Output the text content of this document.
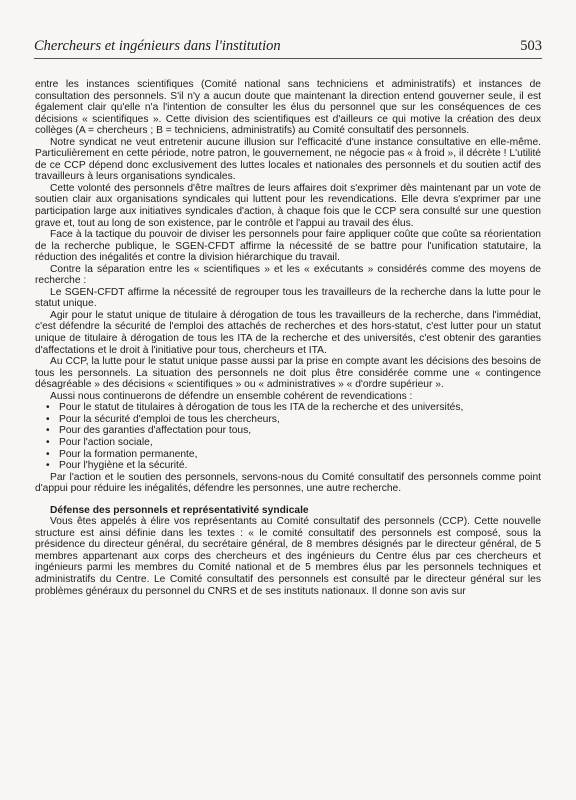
Chercheurs et ingénieurs dans l'institution	503

entre les instances scientifiques (Comité national sans techniciens et administratifs) et instances de consultation des personnels. S'il n'y a aucun doute que maintenant la direction entend gouverner seule, il est également clair qu'elle n'a l'intention de consulter les élus du personnel que sur les conséquences de ces décisions « scientifiques ». Cette division des scientifiques est d'ailleurs ce qui motive la création des deux collèges (A = chercheurs ; B = techniciens, administratifs) au Comité consultatif des personnels.

Notre syndicat ne veut entretenir aucune illusion sur l'efficacité d'une instance consultative en elle-même. Particulièrement en cette période, notre patron, le gouvernement, ne négocie pas « à froid », il décrète ! L'utilité de ce CCP dépend donc exclusivement des luttes locales et nationales des personnels et du soutien actif des travailleurs à leurs organisations syndicales.

Cette volonté des personnels d'être maîtres de leurs affaires doit s'exprimer dès maintenant par un vote de soutien clair aux organisations syndicales qui luttent pour les revendications. Elle devra s'exprimer par une participation large aux initiatives syndicales d'action, à chaque fois que le CCP sera consulté sur une question grave et, tout au long de son existence, par le contrôle et l'appui au travail des élus.

Face à la tactique du pouvoir de diviser les personnels pour faire appliquer coûte que coûte sa réorientation de la recherche publique, le SGEN-CFDT affirme la nécessité de se battre pour l'unification statutaire, la réduction des inégalités et contre la division hiérarchique du travail.

Contre la séparation entre les « scientifiques » et les « exécutants » considérés comme des moyens de recherche :

Le SGEN-CFDT affirme la nécessité de regrouper tous les travailleurs de la recherche dans la lutte pour le statut unique.

Agir pour le statut unique de titulaire à dérogation de tous les travailleurs de la recherche, dans l'immédiat, c'est défendre la sécurité de l'emploi des attachés de recherches et des hors-statut, c'est lutter pour un statut unique de titulaire à dérogation de tous les ITA de la recherche et des universités, c'est obtenir des garanties d'affectations et le droit à l'initiative pour tous, chercheurs et ITA.

Au CCP, la lutte pour le statut unique passe aussi par la prise en compte avant les décisions des besoins de tous les personnels. La situation des personnels ne doit plus être considérée comme une « contingence désagréable » des décisions « scientifiques » ou « administratives » « d'ordre supérieur ».

Aussi nous continuerons de défendre un ensemble cohérent de revendications :

• Pour le statut de titulaires à dérogation de tous les ITA de la recherche et des universités,
• Pour la sécurité d'emploi de tous les chercheurs,
• Pour des garanties d'affectation pour tous,
• Pour l'action sociale,
• Pour la formation permanente,
• Pour l'hygiène et la sécurité.

Par l'action et le soutien des personnels, servons-nous du Comité consultatif des personnels comme point d'appui pour réduire les inégalités, défendre les personnes, une autre recherche.

Défense des personnels et représentativité syndicale

Vous êtes appelés à élire vos représentants au Comité consultatif des personnels (CCP). Cette nouvelle structure est ainsi définie dans les textes : « le comité consultatif des personnels est composé, sous la présidence du directeur général, du secrétaire général, de 8 membres désignés par le directeur général, de 5 membres appartenant aux corps des chercheurs et des ingénieurs du Centre élus par ces chercheurs et ingénieurs parmi les membres du Comité national et de 5 membres élus par les personnels techniques et administratifs du Centre. Le Comité consultatif des personnels est consulté par le directeur général sur les problèmes généraux du personnel du CNRS et de ses instituts nationaux. Il donne son avis sur
